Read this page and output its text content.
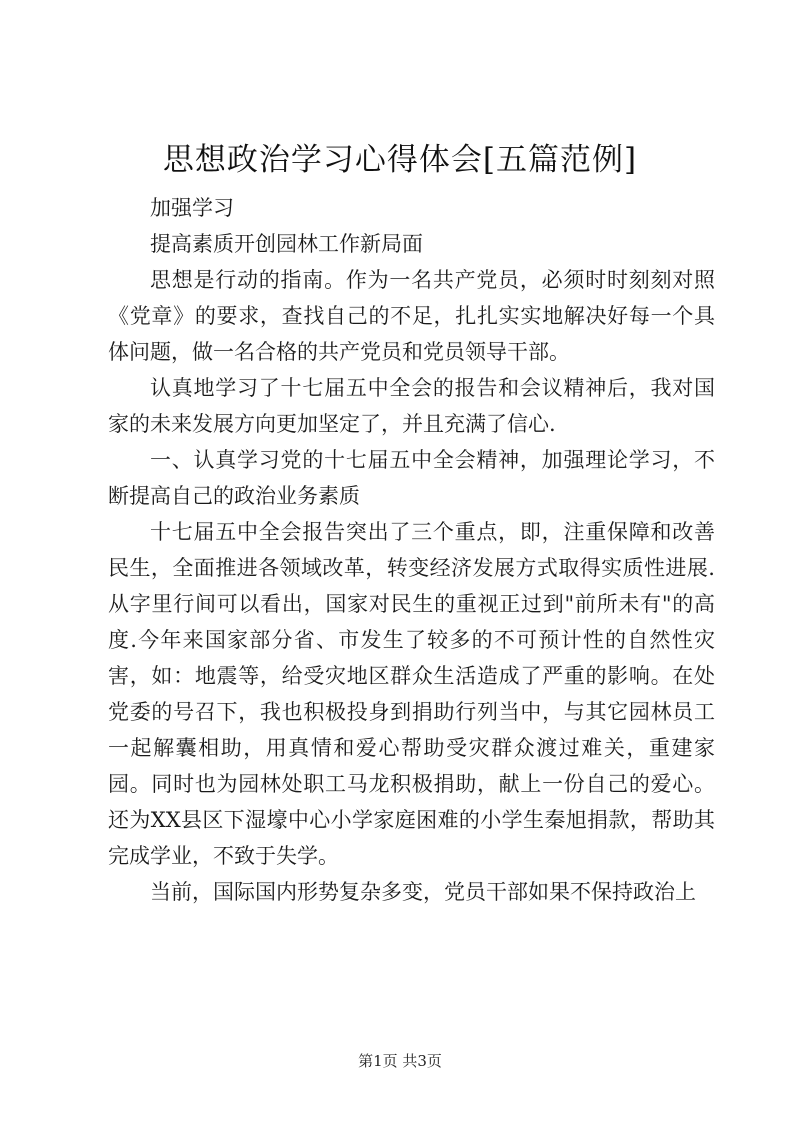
思想政治学习心得体会[五篇范例]

加强学习

提高素质开创园林工作新局面

思想是行动的指南。作为一名共产党员，必须时时刻刻对照《党章》的要求，查找自己的不足，扎扎实实地解决好每一个具体问题，做一名合格的共产党员和党员领导干部。

认真地学习了十七届五中全会的报告和会议精神后，我对国家的未来发展方向更加坚定了，并且充满了信心.

一、认真学习党的十七届五中全会精神，加强理论学习，不断提高自己的政治业务素质

十七届五中全会报告突出了三个重点，即，注重保障和改善民生，全面推进各领域改革，转变经济发展方式取得实质性进展.从字里行间可以看出，国家对民生的重视正过到"前所未有"的高度.今年来国家部分省、市发生了较多的不可预计性的自然性灾害，如：地震等，给受灾地区群众生活造成了严重的影响。在处党委的号召下，我也积极投身到捐助行列当中，与其它园林员工一起解囊相助，用真情和爱心帮助受灾群众渡过难关，重建家园。同时也为园林处职工马龙积极捐助，献上一份自己的爱心。还为XX县区下湿壕中心小学家庭困难的小学生秦旭捐款，帮助其完成学业，不致于失学。

当前，国际国内形势复杂多变，党员干部如果不保持政治上

第1页 共3页
